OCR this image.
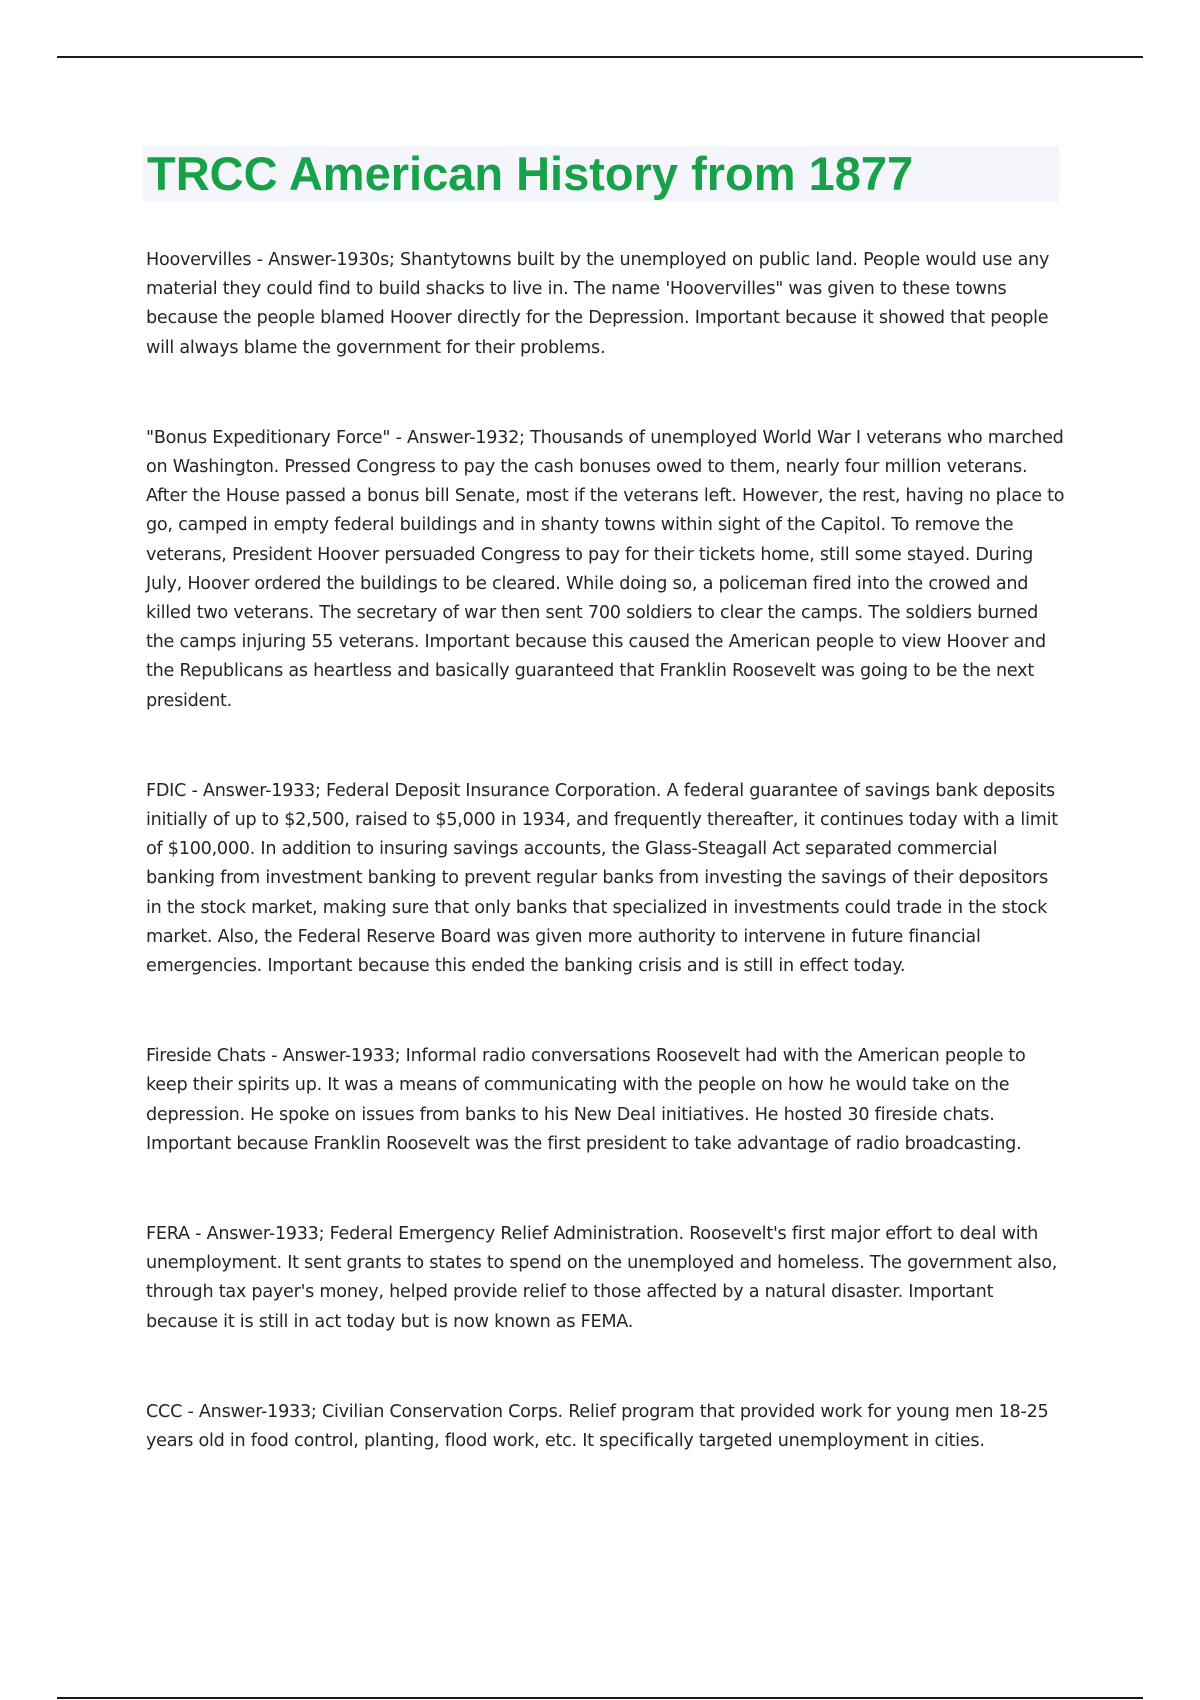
TRCC American History from 1877

Hoovervilles - Answer-1930s; Shantytowns built by the unemployed on public land. People would use any material they could find to build shacks to live in. The name 'Hoovervilles" was given to these towns because the people blamed Hoover directly for the Depression. Important because it showed that people will always blame the government for their problems.

"Bonus Expeditionary Force" - Answer-1932; Thousands of unemployed World War I veterans who marched on Washington. Pressed Congress to pay the cash bonuses owed to them, nearly four million veterans. After the House passed a bonus bill Senate, most if the veterans left. However, the rest, having no place to go, camped in empty federal buildings and in shanty towns within sight of the Capitol. To remove the veterans, President Hoover persuaded Congress to pay for their tickets home, still some stayed. During July, Hoover ordered the buildings to be cleared. While doing so, a policeman fired into the crowed and killed two veterans. The secretary of war then sent 700 soldiers to clear the camps. The soldiers burned the camps injuring 55 veterans. Important because this caused the American people to view Hoover and the Republicans as heartless and basically guaranteed that Franklin Roosevelt was going to be the next president.

FDIC - Answer-1933; Federal Deposit Insurance Corporation. A federal guarantee of savings bank deposits initially of up to $2,500, raised to $5,000 in 1934, and frequently thereafter, it continues today with a limit of $100,000. In addition to insuring savings accounts, the Glass-Steagall Act separated commercial banking from investment banking to prevent regular banks from investing the savings of their depositors in the stock market, making sure that only banks that specialized in investments could trade in the stock market. Also, the Federal Reserve Board was given more authority to intervene in future financial emergencies. Important because this ended the banking crisis and is still in effect today.

Fireside Chats - Answer-1933; Informal radio conversations Roosevelt had with the American people to keep their spirits up. It was a means of communicating with the people on how he would take on the depression. He spoke on issues from banks to his New Deal initiatives. He hosted 30 fireside chats. Important because Franklin Roosevelt was the first president to take advantage of radio broadcasting.

FERA - Answer-1933; Federal Emergency Relief Administration. Roosevelt's first major effort to deal with unemployment. It sent grants to states to spend on the unemployed and homeless. The government also, through tax payer's money, helped provide relief to those affected by a natural disaster. Important because it is still in act today but is now known as FEMA.

CCC - Answer-1933; Civilian Conservation Corps. Relief program that provided work for young men 18-25 years old in food control, planting, flood work, etc. It specifically targeted unemployment in cities.
